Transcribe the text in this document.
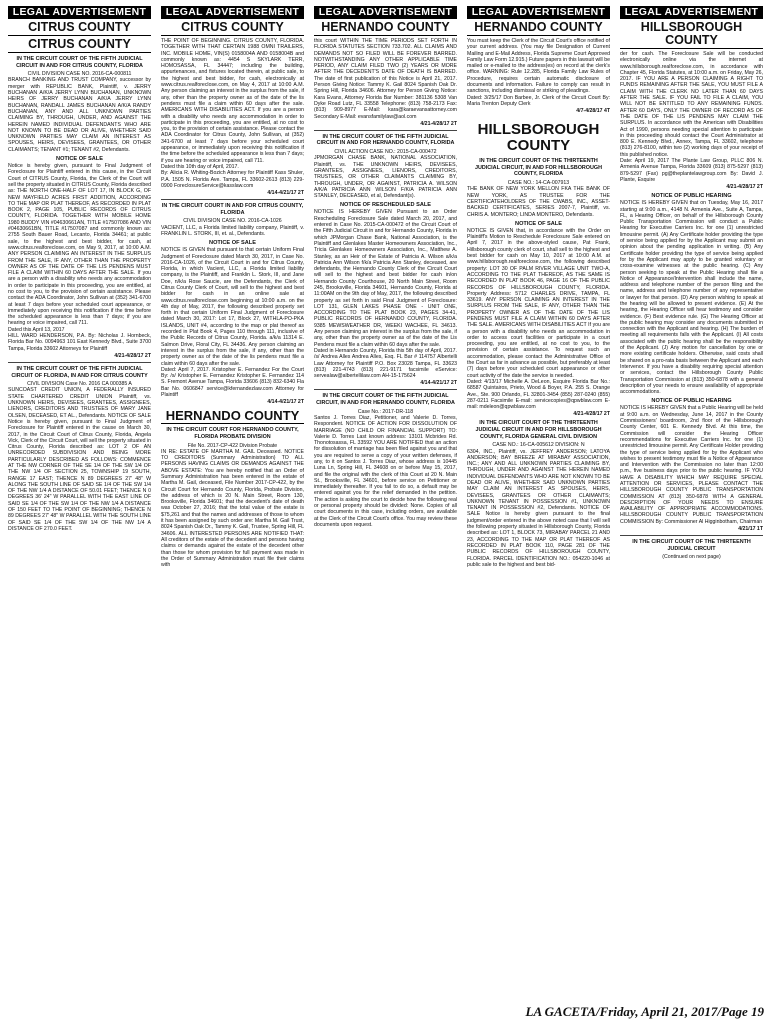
LEGAL ADVERTISEMENT
CITRUS COUNTY
CITRUS COUNTY

IN THE CIRCUIT COURT OF THE FIFTH JUDICIAL CIRCUIT IN AND FOR CITRUS COUNTY, FLORIDA

CIVIL DIVISION CASE NO. 2016-CA-000811

BRANCH BANKING AND TRUST COMPANY, successor by merger with REPUBLIC BANK, Plaintiff, v. JERRY BUCHANAN A/K/A JERRY LYNN BUCHANAN, UNKNOWN HEIRS OF JERRY BUCHANAN A/K/A JERRY LYNN BUCHANAN, RANDALL JAMES BUCHANAN A/K/A RANDY BUCHANAN, ANY AND ALL UNKNOWN PARTIES CLAIMING BY, THROUGH, UNDER, AND AGAINST THE HEREIN NAMED INDIVIDUAL DEFENDANTS WHO ARE NOT KNOWN TO BE DEAD OR ALIVE, WHETHER SAID UNKNOWN PARTIES MAY CLAIM AN INTEREST AS SPOUSES, HEIRS, DEVISEES, GRANTEES, OR OTHER CLAIMANTS; TENANT #1; TENANT #2, Defendants.

NOTICE OF SALE

Notice is hereby given, pursuant to Final Judgment of Foreclosure for Plaintiff entered in this cause, in the Circuit Court of CITRUS County, Florida, the Clerk of the Court will sell the property situated in CITRUS County, Florida described as: THE NORTH ONE-HALF OF LOT 17, IN BLOCK G, OF NEW MAYFIELD ACRES FIRST ADDITION, ACCORDING TO THE MAP OR PLAT THEREOF, AS RECORDED IN PLAT BOOK 2, PAGE 105, PUBLIC RECORDS OF CITRUS COUNTY, FLORIDA. TOGETHER WITH MOBILE HOME 1980 BUDDY VIN #04630661AN, TITLE #17507086 AND VIN #04630661BN, TITLE #17507087 and commonly known as: 2755 South Bauer Road, Lecanto, Florida 34461; at public sale, to the highest and best bidder, for cash, at www.citrus.realforeclose.com, on May 9, 2017, at 10:00 A.M. ANY PERSON CLAIMING AN INTEREST IN THE SURPLUS FROM THE SALE, IF ANY, OTHER THAN THE PROPERTY OWNER AS OF THE DATE OF THE LIS PENDENS MUST FILE A CLAIM WITHIN 60 DAYS AFTER THE SALE. If you are a person with a disability who needs any accommodation in order to participate in this proceeding, you are entitled, at no cost to you, to the provision of certain assistance. Please contact the ADA Coordinator, John Sullivan at (352) 341-6700 at least 7 days before your scheduled court appearance, or immediately upon receiving this notification if the time before the scheduled appearance is less than 7 days; if you are hearing or voice impaired, call 711.

Dated this April 13, 2017

HILL WARD HENDERSON, P.A. By: Nicholas J. Hornbeck, Florida Bar No. 0094963 101 East Kennedy Blvd., Suite 3700 Tampa, Florida 33602 Attorneys for Plaintiff

4/21-4/28/17 2T

IN THE CIRCUIT COURT OF THE FIFTH JUDICIAL CIRCUIT OF FLORIDA, IN AND FOR CITRUS COUNTY

CIVIL DIVISION Case No. 2016 CA 000385 A

SUNCOAST CREDIT UNION, A FEDERALLY INSURED STATE CHARTERED CREDIT UNION Plaintiff, vs. UNKNOWN HEIRS, DEVISEES, GRANTEES, ASSIGNEES, LIENORS, CREDITORS AND TRUSTEES OF MARY JANE OLSEN, DECEASED, ET AL., Defendants. NOTICE OF SALE Notice is hereby given, pursuant to Final Judgment of Foreclosure for Plaintiff entered in the cause on March 30, 2017, in the Circuit Court of Citrus County, Florida, Angela Vick, Clerk of the Circuit Court, will sell the property situated in Citrus County, Florida described as: LOT 2 OF AN UNRECORDED SUBDIVISION AND BEING MORE PARTICULARLY DESCRIBED AS FOLLOWS: COMMENCE AT THE NW CORNER OF THE SE 1/4 OF THE SW 1/4 OF THE NW 1/4 OF SECTION 25, TOWNSHIP 19 SOUTH, RANGE 17 EAST; THENCE N 89 DEGREES 27' 48" W ALONG THE SOUTH LINE OF SAID SE 1/4 OF THE SW 1/4 OF THE NW 1/4 A DISTANCE OF 50.01 FEET; THENCE N 0 DEGREES 36' 24" W PARALLEL WITH THE EAST LINE OF SAID SE 1/4 OF THE SW 1/4 OF THE NW 1/4 A DISTANCE OF 150 FEET TO THE POINT OF BEGINNING; THENCE N 89 DEGREES 27' 48" W PARALLEL WITH THE SOUTH LINE OF SAID SE 1/4 OF THE SW 1/4 OF THE NW 1/4 A DISTANCE OF 270.0 FEET.

LEGAL ADVERTISEMENT
CITRUS COUNTY

THE POINT OF BEGINNING. CITRUS COUNTY, FLORIDA. TOGETHER WITH THAT CERTAIN 1988 OMNI TRAILERS, INC. MOBILE HOME, VIN(S) 0158004A AND 0158004B and commonly known as: 4454 S SKYLARK TERR, HOMOSASSA, FL 34447; including the building, appurtenances, and fixtures located therein, at public sale, to the highest and best bidder, for cash, electronically at www.citrus.realforeclose.com, on May 4, 2017 at 10:00 A.M. Any person claiming an interest in the surplus from the sale, if any, other than the property owner as of the date of the lis pendens must file a claim within 60 days after the sale. AMERICANS WITH DISABILITIES ACT. If you are a person with a disability who needs any accommodation in order to participate in this proceeding, you are entitled, at no cost to you, to the provision of certain assistance. Please contact the ADA Coordinator for Citrus County, John Sullivan, at (352) 341-6700 at least 7 days before your scheduled court appearance, or immediately upon receiving this notification if the time before the scheduled appearance is less than 7 days; if you are hearing or voice impaired, call 711.

Dated this 10th day of April, 2017.

By: Alicia R. Whiting-Bozich Attorney for Plaintiff Kass Shuler, P.A. 1505 N. Florida Ave. Tampa, FL 33602-2613 (813) 229-0900 ForeclosureService@kasslaw.com

4/14-4/21/17 2T

IN THE CIRCUIT COURT IN AND FOR CITRUS COUNTY, FLORIDA

CIVIL DIVISION CASE NO. 2016-CA-1026

VACIENT, LLC, a Florida limited liability company, Plaintiff, v. FRANKLIN L. STORK, III, et. al., Defendants.

NOTICE OF SALE

NOTICE IS GIVEN that pursuant to that certain Uniform Final Judgment of Foreclosure dated March 30, 2017, in Case No. 2016-CA-1026, of the Circuit Court in and for Citrus County, Florida, in which Vacient, LLC, a Florida limited liability company, is the Plaintiff, and Franklin L. Stork, III, and Jane Doe, n/k/a Rose Saucie, are the Defendants, the Clerk of Citrus County Clerk of Court, will sell to the highest and best bidder for cash in an online sale at www.citrus.realforeclose.com beginning at 10:00 a.m. on the 4th day of May, 2017, the following described property set forth in that certain Uniform Final Judgment of Foreclosure dated March 30, 2017: Lot 17, Block 27, WITHLA-PO-PKA ISLANDS, UNIT #4, according to the map or plat thereof as recorded in Plat Book 4, Pages 110 through 111, inclusive of the Public Records of Citrus County, Florida. a/k/a 11314 E. Salmon Drive, Floral City, FL 34436. Any person claiming an interest in the surplus from the sale, if any, other than the property owner as of the date of the lis pendens must file a claim within 60 days after the sale.

Dated: April 7, 2017. Kristopher E. Fernandez For the Court By: /s/ Kristopher E. Fernandez Kristopher E. Fernandez 114 S. Fremont Avenue Tampa, Florida 33606 (813) 832-6340 Fla Bar No. 0606847 service@kfernandezlaw.com Attorney for Plaintiff

4/14-4/21/17 2T

HERNANDO COUNTY

IN THE CIRCUIT COURT FOR HERNANDO COUNTY, FLORIDA PROBATE DIVISION

File No. 2017-CP-422 Division Probate

IN RE: ESTATE OF MARTHA M. GAIL Deceased. NOTICE TO CREDITORS (Summary Administration) TO ALL PERSONS HAVING CLAIMS OR DEMANDS AGAINST THE ABOVE ESTATE: You are hereby notified that an Order of Summary Administration has been entered in the estate of Martha M. Gail, deceased, File Number 2017-CP-422, by the Circuit Court for Hernando County, Florida, Probate Division, the address of which is 20 N. Main Street, Room 130, Brooksville, Florida 34601; that the decedent's date of death was October 27, 2016; that the total value of the estate is $75,261 and that the names and addresses of those to whom it has been assigned by such order are: Martha M. Gail Trust, 8024 Spanish Oak Dr., Tammy K. Gail, Trustee, Spring Hill, FL 34606. ALL INTERESTED PERSONS ARE NOTIFIED THAT: All creditors of the estate of the decedent and persons having claims or demands against the estate of the decedent other than those for whom provision for full payment was made in the Order of Summary Administration must file their claims with

LEGAL ADVERTISEMENT
HERNANDO COUNTY

this court WITHIN THE TIME PERIODS SET FORTH IN FLORIDA STATUTES SECTION 733.702. ALL CLAIMS AND DEMANDS NOT SO FILED WILL BE FOREVER BARRED. NOTWITHSTANDING ANY OTHER APPLICABLE TIME PERIOD, ANY CLAIM FILED TWO (2) YEARS OR MORE AFTER THE DECEDENT'S DATE OF DEATH IS BARRED. The date of first publication of this Notice is April 21, 2017. Person Giving Notice: Tammy K. Gail 8024 Spanish Oak Dr. Spring Hill, Florida 34606. Attorney for Person Giving Notice: Kara Evans, Attorney Florida Bar Number: 381136 5308 Van Dyke Road Lutz, FL 33558 Telephone: (813) 758-2173 Fax: (813) 909-8977 E-Mail: kara@karaevansattorney.com Secondary E-Mail: evansfamilylaw@aol.com

4/21-4/28/17 2T

IN THE CIRCUIT COURT OF THE FIFTH JUDICIAL CIRCUIT IN AND FOR HERNANDO COUNTY, FLORIDA

CIVIL ACTION CASE NO.: 2015-CA-000472

JPMORGAN CHASE BANK, NATIONAL ASSOCIATION, Plaintiff, vs. THE UNKNOWN HEIRS, DEVISEES, GRANTEES, ASSIGNEES, LIENORS, CREDITORS, TRUSTEES, OR OTHER CLAIMANTS CLAIMING BY, THROUGH, UNDER, OR AGAINST, PATRICIA A. WILSON A/K/A PATRICIA ANN WILSON F/K/A PATRICIA ANN STANLEY, DECEASED, et al, Defendant(s).

NOTICE OF RESCHEDULED SALE

NOTICE IS HEREBY GIVEN Pursuant to an Order Rescheduling Foreclosure Sale dated March 20, 2017, and entered in Case No. 2015-CA-000472 of the Circuit Court of the Fifth Judicial Circuit in and for Hernando County, Florida in which JPMorgan Chase Bank, National Association, is the Plaintiff and Glenlakes Master Homeowners Association, Inc., Tricia Glenlakes Homeowners Association, Inc., Matthew A. Stanley, as an Heir of the Estate of Patricia A. Wilson a/k/a Patricia Ann Wilson f/k/a Patricia Ann Stanley, deceased, are defendants, the Hernando County Clerk of the Circuit Court will sell to the highest and best bidder for cash in/on Hernando County Courthouse, 20 North Main Street, Room 245, Brooksville, Florida 34601, Hernando County, Florida at 11:00AM on the 9th day of May, 2017, the following described property as set forth in said Final Judgment of Foreclosure: LOT 131, GLEN LAKES PHASE ONE - UNIT ONE, ACCORDING TO THE PLAT BOOK 23, PAGES 34-41, PUBLIC RECORDS OF HERNANDO COUNTY, FLORIDA. 9385 MEWSWEATHER DR, WEEKI WACHEE, FL 34613. Any person claiming an interest in the surplus from the sale, if any, other than the property owner as of the date of the Lis Pendens must file a claim within 60 days after the sale.

Dated in Hernando County, Florida this 5th day of April, 2017. /s/ Andrea Alles Andrea Alles, Esq. FL Bar # 114757 Albertelli Law Attorney for Plaintiff P.O. Box 23028 Tampa, FL 33623 (813) 221-4743 (813) 221-9171 facsimile eService: servealaw@albertellilaw.com AH-15-175624

4/14-4/21/17 2T

IN THE CIRCUIT COURT OF THE FIFTH JUDICIAL CIRCUIT, IN AND FOR HERNANDO COUNTY, FLORIDA

Case No.: 2017-DR-118

Santos J. Torres Diaz, Petitioner, and Valerie D. Torres, Respondent. NOTICE OF ACTION FOR DISSOLUTION OF MARRIAGE (NO CHILD OR FINANCIAL SUPPORT) TO: Valerie D. Torres Last known address: 13101 Mcbrides Rd. Thonotosassa, FL 33592 YOU ARE NOTIFIED that an action for dissolution of marriage has been filed against you and that you are required to serve a copy of your written defenses, if any, to it on Santos J. Torres Diaz, whose address is 10445 Luna Ln, Spring Hill, FL 34608 on or before May 15, 2017, and file the original with the clerk of this Court at 20 N. Main St., Brooksville, FL 34601, before service on Petitioner or immediately thereafter. If you fail to do so, a default may be entered against you for the relief demanded in the petition. The action is asking the court to decide how the following real or personal property should be divided: None. Copies of all court documents in this case, including orders, are available at the Clerk of the Circuit Court's office. You may review these documents upon request.

LEGAL ADVERTISEMENT
HERNANDO COUNTY

You must keep the Clerk of the Circuit Court's office notified of your current address. (You may file Designation of Current Mailing and E-Mail Address, Florida Supreme Court Approved Family Law Form 12.915.) Future papers in this lawsuit will be mailed or e-mailed to the address(es) on record at the clerk's office. WARNING: Rule 12.285, Florida Family Law Rules of Procedure, requires certain automatic disclosure of documents and information. Failure to comply can result in sanctions, including dismissal or striking of pleadings.

Dated: 3/25/17 Don Barbee, Jr. Clerk of the Circuit Court By: Maria Trenton Deputy Clerk

4/7-4/28/17 4T

HILLSBOROUGH COUNTY

IN THE CIRCUIT COURT OF THE THIRTEENTH JUDICIAL CIRCUIT, IN AND FOR HILLSBOROUGH COUNTY, FLORIDA

CASE NO.: 14-CA-007913

THE BANK OF NEW YORK MELLON FKA THE BANK OF NEW YORK, AS TRUSTEE FOR THE CERTIFICATEHOLDERS OF THE CWABS, INC., ASSET-BACKED CERTIFICATES, SERIES 2007-7, Plaintiff, vs. CHRIS A. MONTERO; LINDA MONTERO, Defendants.

NOTICE OF SALE

NOTICE IS GIVEN that, in accordance with the Order on Plaintiff's Motion to Reschedule Foreclosure Sale entered on April 7, 2017 in the above-styled cause, Pat Frank, Hillsborough county clerk of court, shall sell to the highest and best bidder for cash on May 10, 2017 at 10:00 A.M. at www.hillsborough.realforeclose.com, the following described property: LOT 30 OF PALM RIVER VILLAGE UNIT TWO-A, ACCORDING TO THE PLAT THEREOF, AS THE SAME IS RECORDED IN PLAT BOOK 46, PAGE 16 OF THE PUBLIC RECORDS OF HILLSBOROUGH COUNTY, FLORIDA. Property Address: 5712 CHARLES DRIVE, TAMPA, FL 33619. ANY PERSON CLAIMING AN INTEREST IN THE SURPLUS FROM THE SALE, IF ANY, OTHER THAN THE PROPERTY OWNER AS OF THE DATE OF THE LIS PENDENS MUST FILE A CLAIM WITHIN 60 DAYS AFTER THE SALE. AMERICANS WITH DISABILITIES ACT If you are a person with a disability who needs an accommodation in order to access court facilities or participate in a court proceeding, you are entitled, at no cost to you, to the provision of certain assistance. To request such an accommodation, please contact the Administrative Office of the Court as far in advance as possible, but preferably at least (7) days before your scheduled court appearance or other court activity of the date the service is needed.

Dated: 4/13/17 Michelle A. DeLeon, Esquire Florida Bar No.: 68587 Quintairos, Prieto, Wood & Boyer, P.A. 255 S. Orange Ave., Ste. 900 Orlando, FL 32801-3454 (855) 287-0240 (855) 287-0211 Facsimile E-mail: servicecopies@qpwblaw.com E-mail: mdeleon@qpwblaw.com

4/21-4/28/17 2T

IN THE CIRCUIT COURT OF THE THIRTEENTH JUDICIAL CIRCUIT IN AND FOR HILLSBOROUGH COUNTY, FLORIDA GENERAL CIVIL DIVISION

CASE NO.: 16-CA-005612 DIVISION: N

6304, INC., Plaintiff, vs. JEFFREY ANDERSON; LATOYA ANDERSON; BAY BREEZE AT MIRABAY ASSOCIATION, INC.; ANY AND ALL UNKNOWN PARTIES CLAIMING BY, THROUGH, UNDER AND AGAINST THE HEREIN NAMED INDIVIDUAL DEFENDANTS WHO ARE NOT KNOWN TO BE DEAD OR ALIVE, WHETHER SAID UNKNOWN PARTIES MAY CLAIM AN INTEREST AS SPOUSES, HEIRS, DEVISEES, GRANTEES OR OTHER CLAIMANTS; UNKNOWN TENANT IN POSSESSION #1, UNKNOWN TENANT IN POSSESSION #2, Defendants. NOTICE OF SALE Notice is hereby given pursuant to the final judgment/order entered in the above noted case that I will sell the following property situated in Hillsborough County, Florida described as: LOT 1, BLOCK 73, MIRABAY PARCEL 21 AND 23, ACCORDING TO THE MAP OR PLAT THEREOF AS RECORDED IN PLAT BOOK 110, PAGE 281 OF THE PUBLIC RECORDS OF HILLSBOROUGH COUNTY, FLORIDA. PARCEL IDENTIFICATION NO.: 054220-1046 at public sale to the highest and best bid-

LEGAL ADVERTISEMENT
HILLSBOROUGH COUNTY

der for cash. The Foreclosure Sale will be conducted electronically online via the internet at www.hillsborough.realforeclose.com, in accordance with Chapter 45, Florida Statutes, at 10:00 a.m. on Friday, May 26, 2017. IF YOU ARE A PERSON CLAIMING A RIGHT TO FUNDS REMAINING AFTER THE SALE, YOU MUST FILE A CLAIM WITH THE CLERK NO LATER THAN 60 DAYS AFTER THE SALE. IF YOU FAIL TO FILE A CLAIM, YOU WILL NOT BE ENTITLED TO ANY REMAINING FUNDS. AFTER 60 DAYS, ONLY THE OWNER OF RECORD AS OF THE DATE OF THE LIS PENDENS MAY CLAIM THE SURPLUS. In accordance with the American with Disabilities Act of 1990, persons needing special attention to participate in this proceeding should contact the Court Administrator at 800 E. Kennedy Blvd., Annex, Tampa, FL 33602, telephone (813) 276-8100, within two (2) working days of your receipt of this published notice.

Date: April 19, 2017 The Plante Law Group, PLLC 806 N. Armenia Avenue Tampa, Florida 33609 (813) 875-5297 (813) 879-5297 (Fax) pg@theplantelawgroup.com By: David J. Plante, Esquire

4/21-4/28/17 2T

NOTICE OF PUBLIC HEARING

NOTICE IS HEREBY GIVEN that on Tuesday, May 16, 2017 starting at 9:00 a.m., 4148 N. Armenia Ave., Suite A, Tampa, FL, a Hearing Officer, on behalf of the Hillsborough County Public Transportation Commission will conduct a Public Hearing for Executive Carriers Inc. for one (1) unrestricted limousine permit. (A) Any Certificate holder providing the type of service being applied for by the Applicant may submit an opinion about the pending application in writing. (B) Any Certificate holder providing the type of service being applied for by the Applicant may apply to be granted voluntary or cross-examine witnesses at the public hearing. (C) Any person seeking to speak at the Public Hearing shall file a Notice of Appearance/Intervention shall include the name, address and telephone number of the person filing and the name, address and telephone number of any representative or lawyer for that person. (D) Any person wishing to speak at the hearing will be allowed to present evidence. (E) At the hearing, the Hearing Officer will hear testimony and consider evidence. (F) Best evidence rule. (G) The Hearing Officer at the public hearing may consider any documents submitted in connection with the Applicant and hearing. (H) The burden of meeting all requirements falls with the Applicant. (I) All costs associated with the public hearing shall be the responsibility of the Applicant. (J) Any motion for cancellation by one or more existing certificate holders. Otherwise, said costs shall be shared on a pro-rata basis between the Applicant and each Intervenor. If you have a disability requiring special attention or services, contact the Hillsborough County Public Transportation Commission at (813) 350-6878 with a general description of your needs to ensure availability of appropriate accommodations.

NOTICE OF PUBLIC HEARING

NOTICE IS HEREBY GIVEN that a Public Hearing will be held at 9:00 a.m. on Wednesday, June 14, 2017 in the County Commissioners' boardroom, 2nd floor of the Hillsborough County Center, 601 E. Kennedy Blvd. At this time, the Commission will consider the Hearing Officer recommendations for Executive Carriers Inc. for one (1) unrestricted limousine permit. Any Certificate Holder providing the type of service being applied for by the Applicant who wishes to present testimony must file a Notice of Appearance and Intervention with the Commission no later than 12:00 p.m., five business days prior to the public hearing. IF YOU HAVE A DISABILITY WHICH MAY REQUIRE SPECIAL ATTENTION OR SERVICES, PLEASE CONTACT THE HILLSBOROUGH COUNTY PUBLIC TRANSPORTATION COMMISSION AT (813) 350-6878 WITH A GENERAL DESCRIPTION OF YOUR NEEDS TO ENSURE AVAILABILITY OF APPROPRIATE ACCOMMODATIONS. HILLSBOROUGH COUNTY PUBLIC TRANSPORTATION COMMISSION By: Commissioner Al Higginbotham, Chairman

4/21/17 1T

IN THE CIRCUIT COURT OF THE THIRTEENTH JUDICIAL CIRCUIT

(Continued on next page)

LA GACETA/Friday, April 21, 2017/Page 19
